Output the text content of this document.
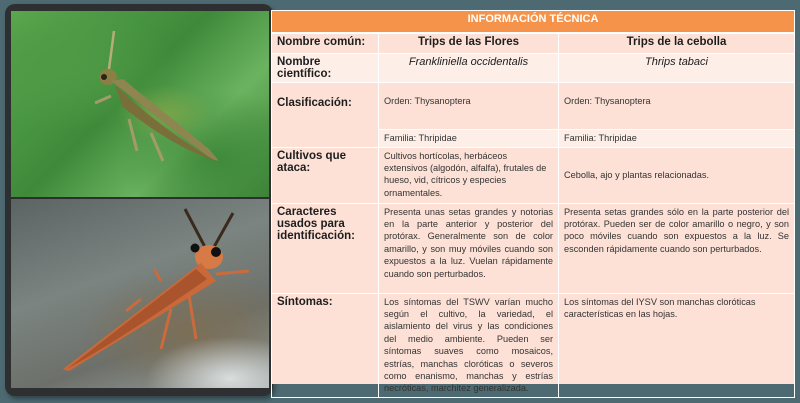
INFORMACIÓN TÉCNICA		
Nombre común:	Trips de las Flores	Trips de la cebolla
Nombre científico:	Frankliniella occidentalis	Thrips tabaci
Clasificación:	Orden: Thysanoptera	Orden: Thysanoptera
	Familia: Thripidae	Familia: Thripidae
Cultivos que ataca:	Cultivos hortícolas, herbáceos extensivos (algodón, alfalfa), frutales de hueso, vid, cítricos y especies ornamentales.	Cebolla, ajo y plantas relacionadas.
Caracteres usados para identificación:	Presenta unas setas grandes y notorias en la parte anterior y posterior del protórax. Generalmente son de color amarillo, y son muy móviles cuando son expuestos a la luz. Vuelan rápidamente cuando son perturbados.	Presenta setas grandes sólo en la parte posterior del protórax. Pueden ser de color amarillo o negro, y son poco móviles cuando son expuestos a la luz. Se esconden rápidamente cuando son perturbados.
Síntomas:	Los síntomas del TSWV varían mucho según el cultivo, la variedad, el aislamiento del virus y las condiciones del medio ambiente. Pueden ser síntomas suaves como mosaicos, estrías, manchas cloróticas o severos como enanismo, manchas y estrías necróticas, marchitez generalizada.	Los síntomas del IYSV son manchas cloróticas características en las hojas.
